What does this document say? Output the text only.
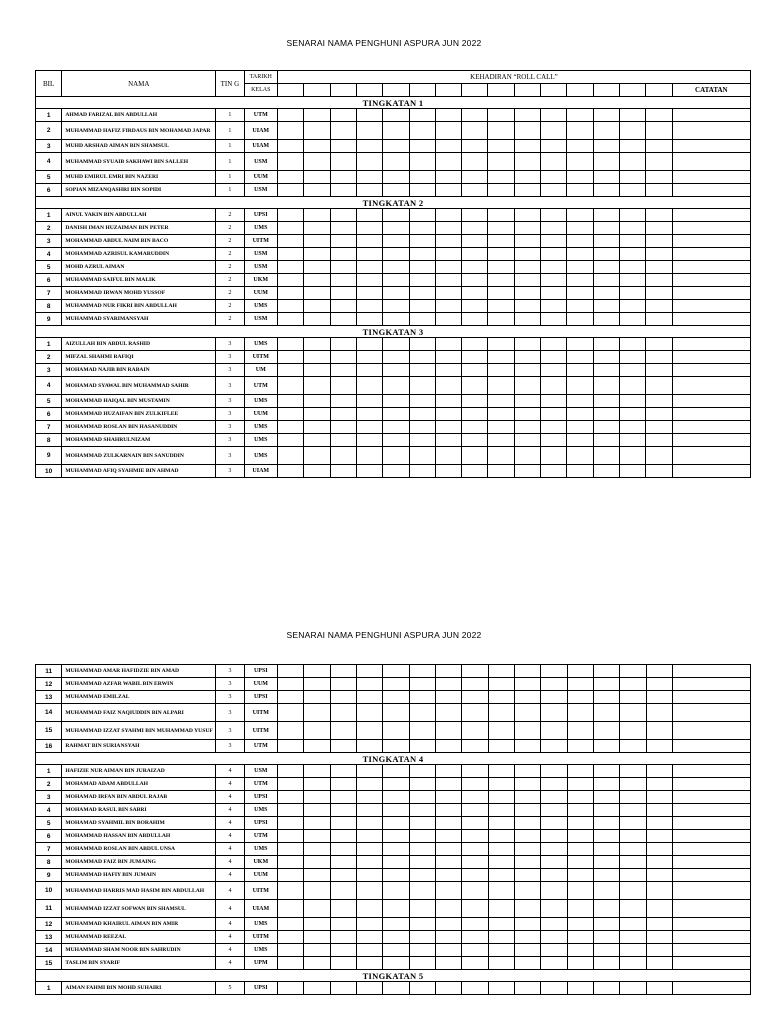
SENARAI NAMA PENGHUNI ASPURA JUN 2022
BIL	NAMA	TIN G	TARIKH	KEHADIRAN “ROLL CALL”															
			KELAS																CATATAN
TINGKATAN 1																			
1	AHMAD FARIZAL BIN ABDULLAH	1	UTM																
2	MUHAMMAD HAFIZ FIRDAUS BIN MOHAMAD JAPAR	1	UIAM																
3	MUHD ARSHAD AIMAN BIN SHAMSUL	1	UIAM																
4	MUHAMMAD SYUAIB SAKHAWI BIN SALLEH	1	USM																
5	MUHD EMIRUL EMRI BIN NAZERI	1	UUM																
6	SOPIAN MIZANQASHRI BIN SOPIDI	1	USM																
TINGKATAN 2																			
1	AINUL YAKIN BIN ABDULLAH	2	UPSI																
2	DANISH IMAN HUZAIMAN BIN PETER	2	UMS																
3	MOHAMMAD ABDUL NAIM BIN BACO	2	UITM																
4	MOHAMMAD AZRISUL KAMARUDDIN	2	USM																
5	MOHD AZRUL AIMAN	2	USM																
6	MUHAMMAD SAIFUL BIN MALIK	2	UKM																
7	MOHAMMAD IRWAN MOHD YUSSOF	2	UUM																
8	MUHAMMAD NUR FIKRI BIN ABDULLAH	2	UMS																
9	MUHAMMAD SYARIMANSYAH	2	USM																
TINGKATAN 3																			
1	AIZULLAH BIN ABDUL RASHID	3	UMS																
2	MIFZAL SHAHMI RAFIQI	3	UITM																
3	MOHAMAD NAJIB BIN RABAIN	3	UM																
4	MOHAMAD SYAWAL BIN MUHAMMAD SAHIR	3	UTM																
5	MOHAMMAD HAIQAL BIN MUSTAMIN	3	UMS																
6	MOHAMMAD HUZAIFAN BIN ZULKIFLEE	3	UUM																
7	MOHAMMAD ROSLAN BIN HASANUDDIN	3	UMS																
8	MOHAMMAD SHAHRULNIZAM	3	UMS																
9	MOHAMMAD ZULKARNAIN BIN SANUDDIN	3	UMS																
10	MUHAMMAD AFIQ SYAHMIE BIN AHMAD	3	UIAM																
SENARAI NAMA PENGHUNI ASPURA JUN 2022
11	MUHAMMAD AMAR HAFIDZIE BIN AMAD	3	UPSI																
12	MUHAMMAD AZFAR WABIL BIN ERWIN	3	UUM																
13	MUHAMMAD EMILZAL	3	UPSI																
14	MUHAMMAD FAIZ NAQIUDDIN BIN ALPARI	3	UITM																
15	MUHAMMAD IZZAT SYAHMI BIN MUHAMMAD YUSUF	3	UITM																
16	RAHMAT BIN SURIANSYAH	3	UTM																
TINGKATAN 4																			
1	HAFIZIE NUR AIMAN BIN JURAIZAD	4	USM																
2	MOHAMAD ADAM ABDULLAH	4	UTM																
3	MOHAMAD IRFAN BIN ABDUL RAJAB	4	UPSI																
4	MOHAMAD RASUL BIN SABRI	4	UMS																
5	MOHAMAD SYAHMIL BIN BORAHIM	4	UPSI																
6	MOHAMMAD HASSAN BIN ABDULLAH	4	UTM																
7	MOHAMMAD ROSLAN BIN ABDUL UNSA	4	UMS																
8	MOHAMMAD FAIZ BIN JUMAING	4	UKM																
9	MUHAMMAD HAFIY BIN JUMAIN	4	UUM																
10	MUHAMMAD HARRIS MAD HASIM BIN ABDULLAH	4	UITM																
11	MUHAMMAD IZZAT SOFWAN BIN SHAMSUL	4	UIAM																
12	MUHAMMAD KHAIRUL AIMAN BIN AMIR	4	UMS																
13	MUHAMMAD REEZAL	4	UITM																
14	MUHAMMAD SHAM NOOR BIN SAHRUDIN	4	UMS																
15	TASLIM BIN SYARIF	4	UPM																
TINGKATAN 5																			
1	AIMAN FAHMI BIN MOHD SUHAIRI	5	UPSI																
